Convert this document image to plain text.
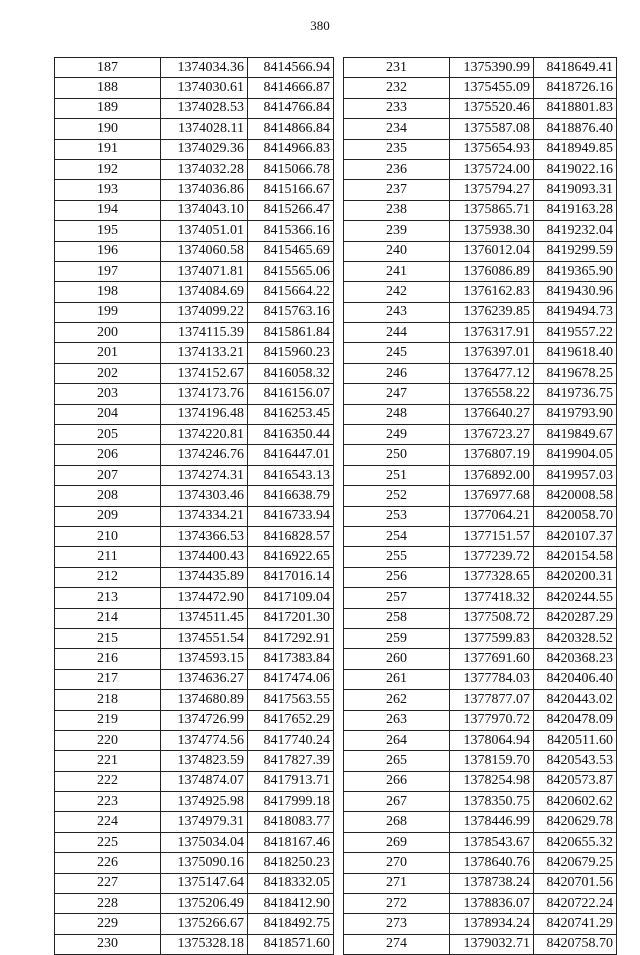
380
187	1374034.36	8414566.94
188	1374030.61	8414666.87
189	1374028.53	8414766.84
190	1374028.11	8414866.84
191	1374029.36	8414966.83
192	1374032.28	8415066.78
193	1374036.86	8415166.67
194	1374043.10	8415266.47
195	1374051.01	8415366.16
196	1374060.58	8415465.69
197	1374071.81	8415565.06
198	1374084.69	8415664.22
199	1374099.22	8415763.16
200	1374115.39	8415861.84
201	1374133.21	8415960.23
202	1374152.67	8416058.32
203	1374173.76	8416156.07
204	1374196.48	8416253.45
205	1374220.81	8416350.44
206	1374246.76	8416447.01
207	1374274.31	8416543.13
208	1374303.46	8416638.79
209	1374334.21	8416733.94
210	1374366.53	8416828.57
211	1374400.43	8416922.65
212	1374435.89	8417016.14
213	1374472.90	8417109.04
214	1374511.45	8417201.30
215	1374551.54	8417292.91
216	1374593.15	8417383.84
217	1374636.27	8417474.06
218	1374680.89	8417563.55
219	1374726.99	8417652.29
220	1374774.56	8417740.24
221	1374823.59	8417827.39
222	1374874.07	8417913.71
223	1374925.98	8417999.18
224	1374979.31	8418083.77
225	1375034.04	8418167.46
226	1375090.16	8418250.23
227	1375147.64	8418332.05
228	1375206.49	8418412.90
229	1375266.67	8418492.75
230	1375328.18	8418571.60
231	1375390.99	8418649.41
232	1375455.09	8418726.16
233	1375520.46	8418801.83
234	1375587.08	8418876.40
235	1375654.93	8418949.85
236	1375724.00	8419022.16
237	1375794.27	8419093.31
238	1375865.71	8419163.28
239	1375938.30	8419232.04
240	1376012.04	8419299.59
241	1376086.89	8419365.90
242	1376162.83	8419430.96
243	1376239.85	8419494.73
244	1376317.91	8419557.22
245	1376397.01	8419618.40
246	1376477.12	8419678.25
247	1376558.22	8419736.75
248	1376640.27	8419793.90
249	1376723.27	8419849.67
250	1376807.19	8419904.05
251	1376892.00	8419957.03
252	1376977.68	8420008.58
253	1377064.21	8420058.70
254	1377151.57	8420107.37
255	1377239.72	8420154.58
256	1377328.65	8420200.31
257	1377418.32	8420244.55
258	1377508.72	8420287.29
259	1377599.83	8420328.52
260	1377691.60	8420368.23
261	1377784.03	8420406.40
262	1377877.07	8420443.02
263	1377970.72	8420478.09
264	1378064.94	8420511.60
265	1378159.70	8420543.53
266	1378254.98	8420573.87
267	1378350.75	8420602.62
268	1378446.99	8420629.78
269	1378543.67	8420655.32
270	1378640.76	8420679.25
271	1378738.24	8420701.56
272	1378836.07	8420722.24
273	1378934.24	8420741.29
274	1379032.71	8420758.70
